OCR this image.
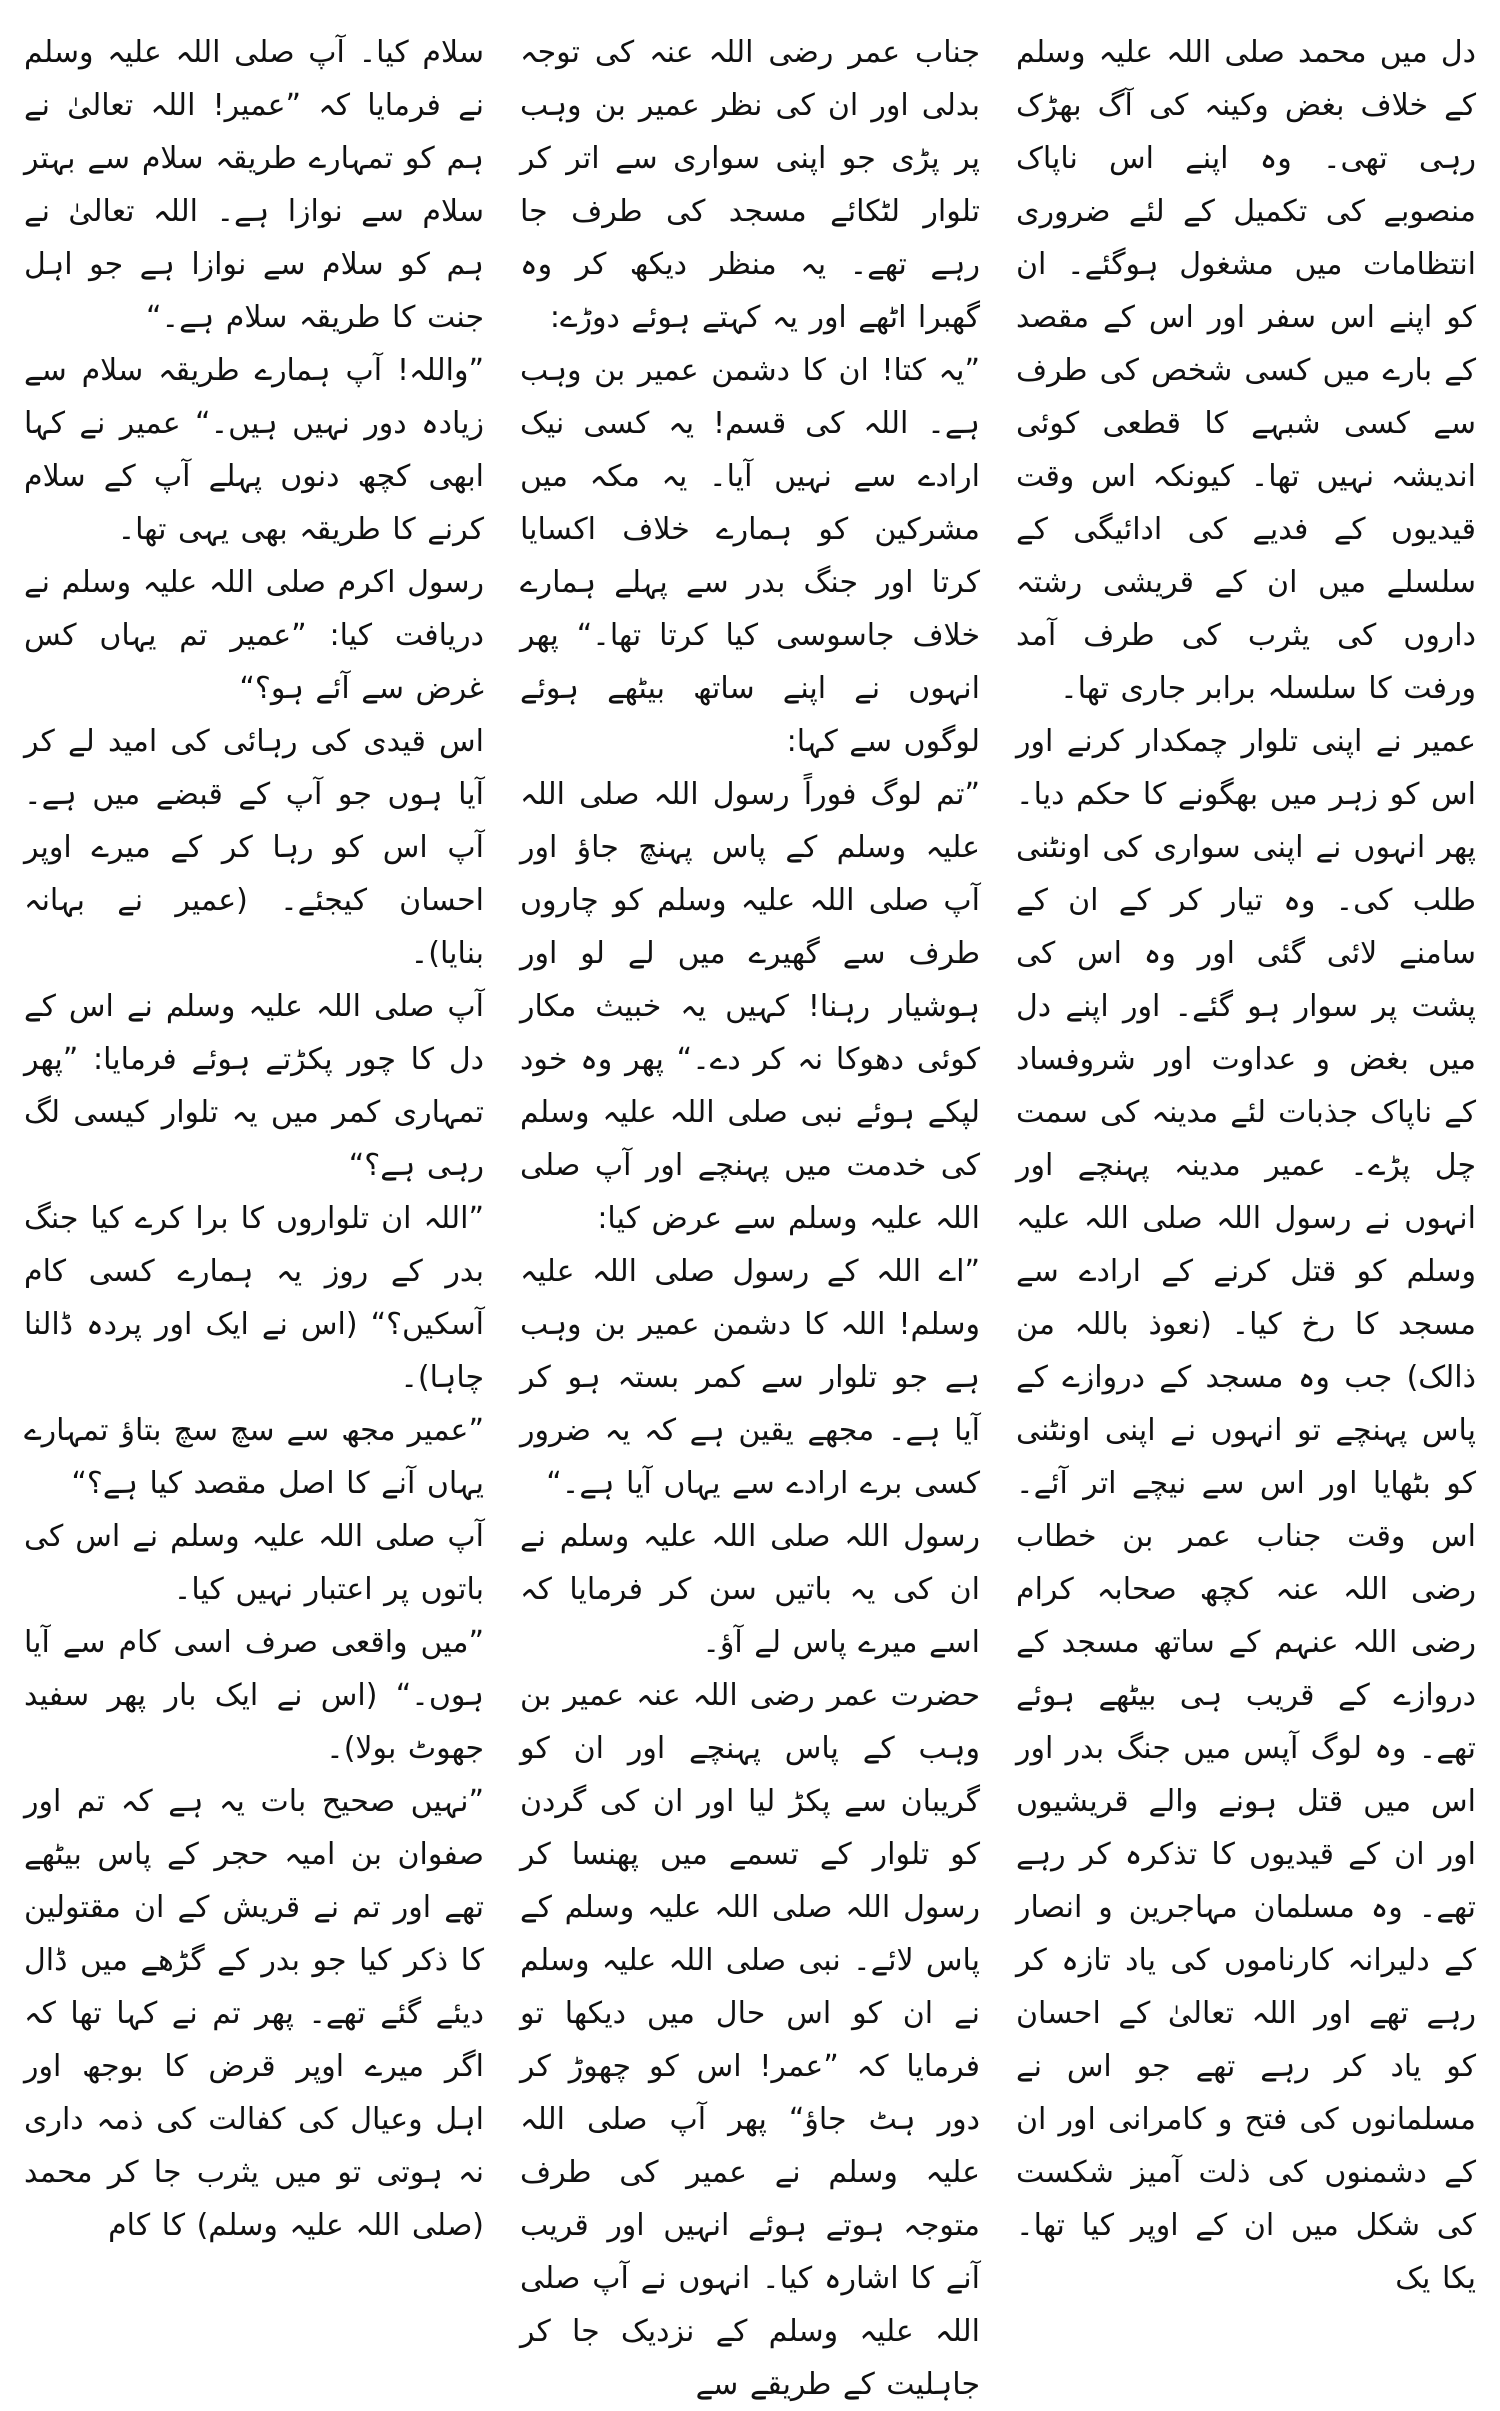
دل میں محمد صلی اللہ علیہ وسلم کے خلاف بغض وکینہ کی آگ بھڑک رہی تھی۔ وہ اپنے اس ناپاک منصوبے کی تکمیل کے لئے ضروری انتظامات میں مشغول ہوگئے۔ ان کو اپنے اس سفر اور اس کے مقصد کے بارے میں کسی شخص کی طرف سے کسی شبہے کا قطعی کوئی اندیشہ نہیں تھا۔ کیونکہ اس وقت قیدیوں کے فدیے کی ادائیگی کے سلسلے میں ان کے قریشی رشتہ داروں کی یثرب کی طرف آمد ورفت کا سلسلہ برابر جاری تھا۔

عمیر نے اپنی تلوار چمکدار کرنے اور اس کو زہر میں بھگونے کا حکم دیا۔ پھر انہوں نے اپنی سواری کی اونٹنی طلب کی۔ وہ تیار کر کے ان کے سامنے لائی گئی اور وہ اس کی پشت پر سوار ہو گئے۔ اور اپنے دل میں بغض و عداوت اور شروفساد کے ناپاک جذبات لئے مدینہ کی سمت چل پڑے۔ عمیر مدینہ پہنچے اور انہوں نے رسول اللہ صلی اللہ علیہ وسلم کو قتل کرنے کے ارادے سے مسجد کا رخ کیا۔ (نعوذ باللہ من ذالک) جب وہ مسجد کے دروازے کے پاس پہنچے تو انہوں نے اپنی اونٹنی کو بٹھایا اور اس سے نیچے اتر آئے۔ اس وقت جناب عمر بن خطاب رضی اللہ عنہ کچھ صحابہ کرام رضی اللہ عنہم کے ساتھ مسجد کے دروازے کے قریب ہی بیٹھے ہوئے تھے۔ وہ لوگ آپس میں جنگ بدر اور اس میں قتل ہونے والے قریشیوں اور ان کے قیدیوں کا تذکرہ کر رہے تھے۔ وہ مسلمان مہاجرین و انصار کے دلیرانہ کارناموں کی یاد تازہ کر رہے تھے اور اللہ تعالیٰ کے احسان کو یاد کر رہے تھے جو اس نے مسلمانوں کی فتح و کامرانی اور ان کے دشمنوں کی ذلت آمیز شکست کی شکل میں ان کے اوپر کیا تھا۔ یکا یک

جناب عمر رضی اللہ عنہ کی توجہ بدلی اور ان کی نظر عمیر بن وہب پر پڑی جو اپنی سواری سے اتر کر تلوار لٹکائے مسجد کی طرف جا رہے تھے۔ یہ منظر دیکھ کر وہ گھبرا اٹھے اور یہ کہتے ہوئے دوڑے:

”یہ کتا! ان کا دشمن عمیر بن وہب ہے۔ اللہ کی قسم! یہ کسی نیک ارادے سے نہیں آیا۔ یہ مکہ میں مشرکین کو ہمارے خلاف اکسایا کرتا اور جنگ بدر سے پہلے ہمارے خلاف جاسوسی کیا کرتا تھا۔“ پھر انہوں نے اپنے ساتھ بیٹھے ہوئے لوگوں سے کہا:

”تم لوگ فوراً رسول اللہ صلی اللہ علیہ وسلم کے پاس پہنچ جاؤ اور آپ صلی اللہ علیہ وسلم کو چاروں طرف سے گھیرے میں لے لو اور ہوشیار رہنا! کہیں یہ خبیث مکار کوئی دھوکا نہ کر دے۔“ پھر وہ خود لپکے ہوئے نبی صلی اللہ علیہ وسلم کی خدمت میں پہنچے اور آپ صلی اللہ علیہ وسلم سے عرض کیا:

”اے اللہ کے رسول صلی اللہ علیہ وسلم! اللہ کا دشمن عمیر بن وہب ہے جو تلوار سے کمر بستہ ہو کر آیا ہے۔ مجھے یقین ہے کہ یہ ضرور کسی برے ارادے سے یہاں آیا ہے۔“

رسول اللہ صلی اللہ علیہ وسلم نے ان کی یہ باتیں سن کر فرمایا کہ اسے میرے پاس لے آؤ۔

حضرت عمر رضی اللہ عنہ عمیر بن وہب کے پاس پہنچے اور ان کو گریبان سے پکڑ لیا اور ان کی گردن کو تلوار کے تسمے میں پھنسا کر رسول اللہ صلی اللہ علیہ وسلم کے پاس لائے۔ نبی صلی اللہ علیہ وسلم نے ان کو اس حال میں دیکھا تو فرمایا کہ ”عمر! اس کو چھوڑ کر دور ہٹ جاؤ“ پھر آپ صلی اللہ علیہ وسلم نے عمیر کی طرف متوجہ ہوتے ہوئے انہیں اور قریب آنے کا اشارہ کیا۔ انہوں نے آپ صلی اللہ علیہ وسلم کے نزدیک جا کر جاہلیت کے طریقے سے

سلام کیا۔ آپ صلی اللہ علیہ وسلم نے فرمایا کہ ”عمیر! اللہ تعالیٰ نے ہم کو تمہارے طریقہ سلام سے بہتر سلام سے نوازا ہے۔ اللہ تعالیٰ نے ہم کو سلام سے نوازا ہے جو اہل جنت کا طریقہ سلام ہے۔“

”واللہ! آپ ہمارے طریقہ سلام سے زیادہ دور نہیں ہیں۔“ عمیر نے کہا ابھی کچھ دنوں پہلے آپ کے سلام کرنے کا طریقہ بھی یہی تھا۔

رسول اکرم صلی اللہ علیہ وسلم نے دریافت کیا: ”عمیر تم یہاں کس غرض سے آئے ہو؟“

اس قیدی کی رہائی کی امید لے کر آیا ہوں جو آپ کے قبضے میں ہے۔ آپ اس کو رہا کر کے میرے اوپر احسان کیجئے۔ (عمیر نے بہانہ بنایا)۔

آپ صلی اللہ علیہ وسلم نے اس کے دل کا چور پکڑتے ہوئے فرمایا: ”پھر تمہاری کمر میں یہ تلوار کیسی لگ رہی ہے؟“

”اللہ ان تلواروں کا برا کرے کیا جنگ بدر کے روز یہ ہمارے کسی کام آسکیں؟“ (اس نے ایک اور پردہ ڈالنا چاہا)۔

”عمیر مجھ سے سچ سچ بتاؤ تمہارے یہاں آنے کا اصل مقصد کیا ہے؟“

آپ صلی اللہ علیہ وسلم نے اس کی باتوں پر اعتبار نہیں کیا۔

”میں واقعی صرف اسی کام سے آیا ہوں۔“ (اس نے ایک بار پھر سفید جھوٹ بولا)۔

”نہیں صحیح بات یہ ہے کہ تم اور صفوان بن امیہ حجر کے پاس بیٹھے تھے اور تم نے قریش کے ان مقتولین کا ذکر کیا جو بدر کے گڑھے میں ڈال دیئے گئے تھے۔ پھر تم نے کہا تھا کہ اگر میرے اوپر قرض کا بوجھ اور اہل وعیال کی کفالت کی ذمہ داری نہ ہوتی تو میں یثرب جا کر محمد (صلی اللہ علیہ وسلم) کا کام
